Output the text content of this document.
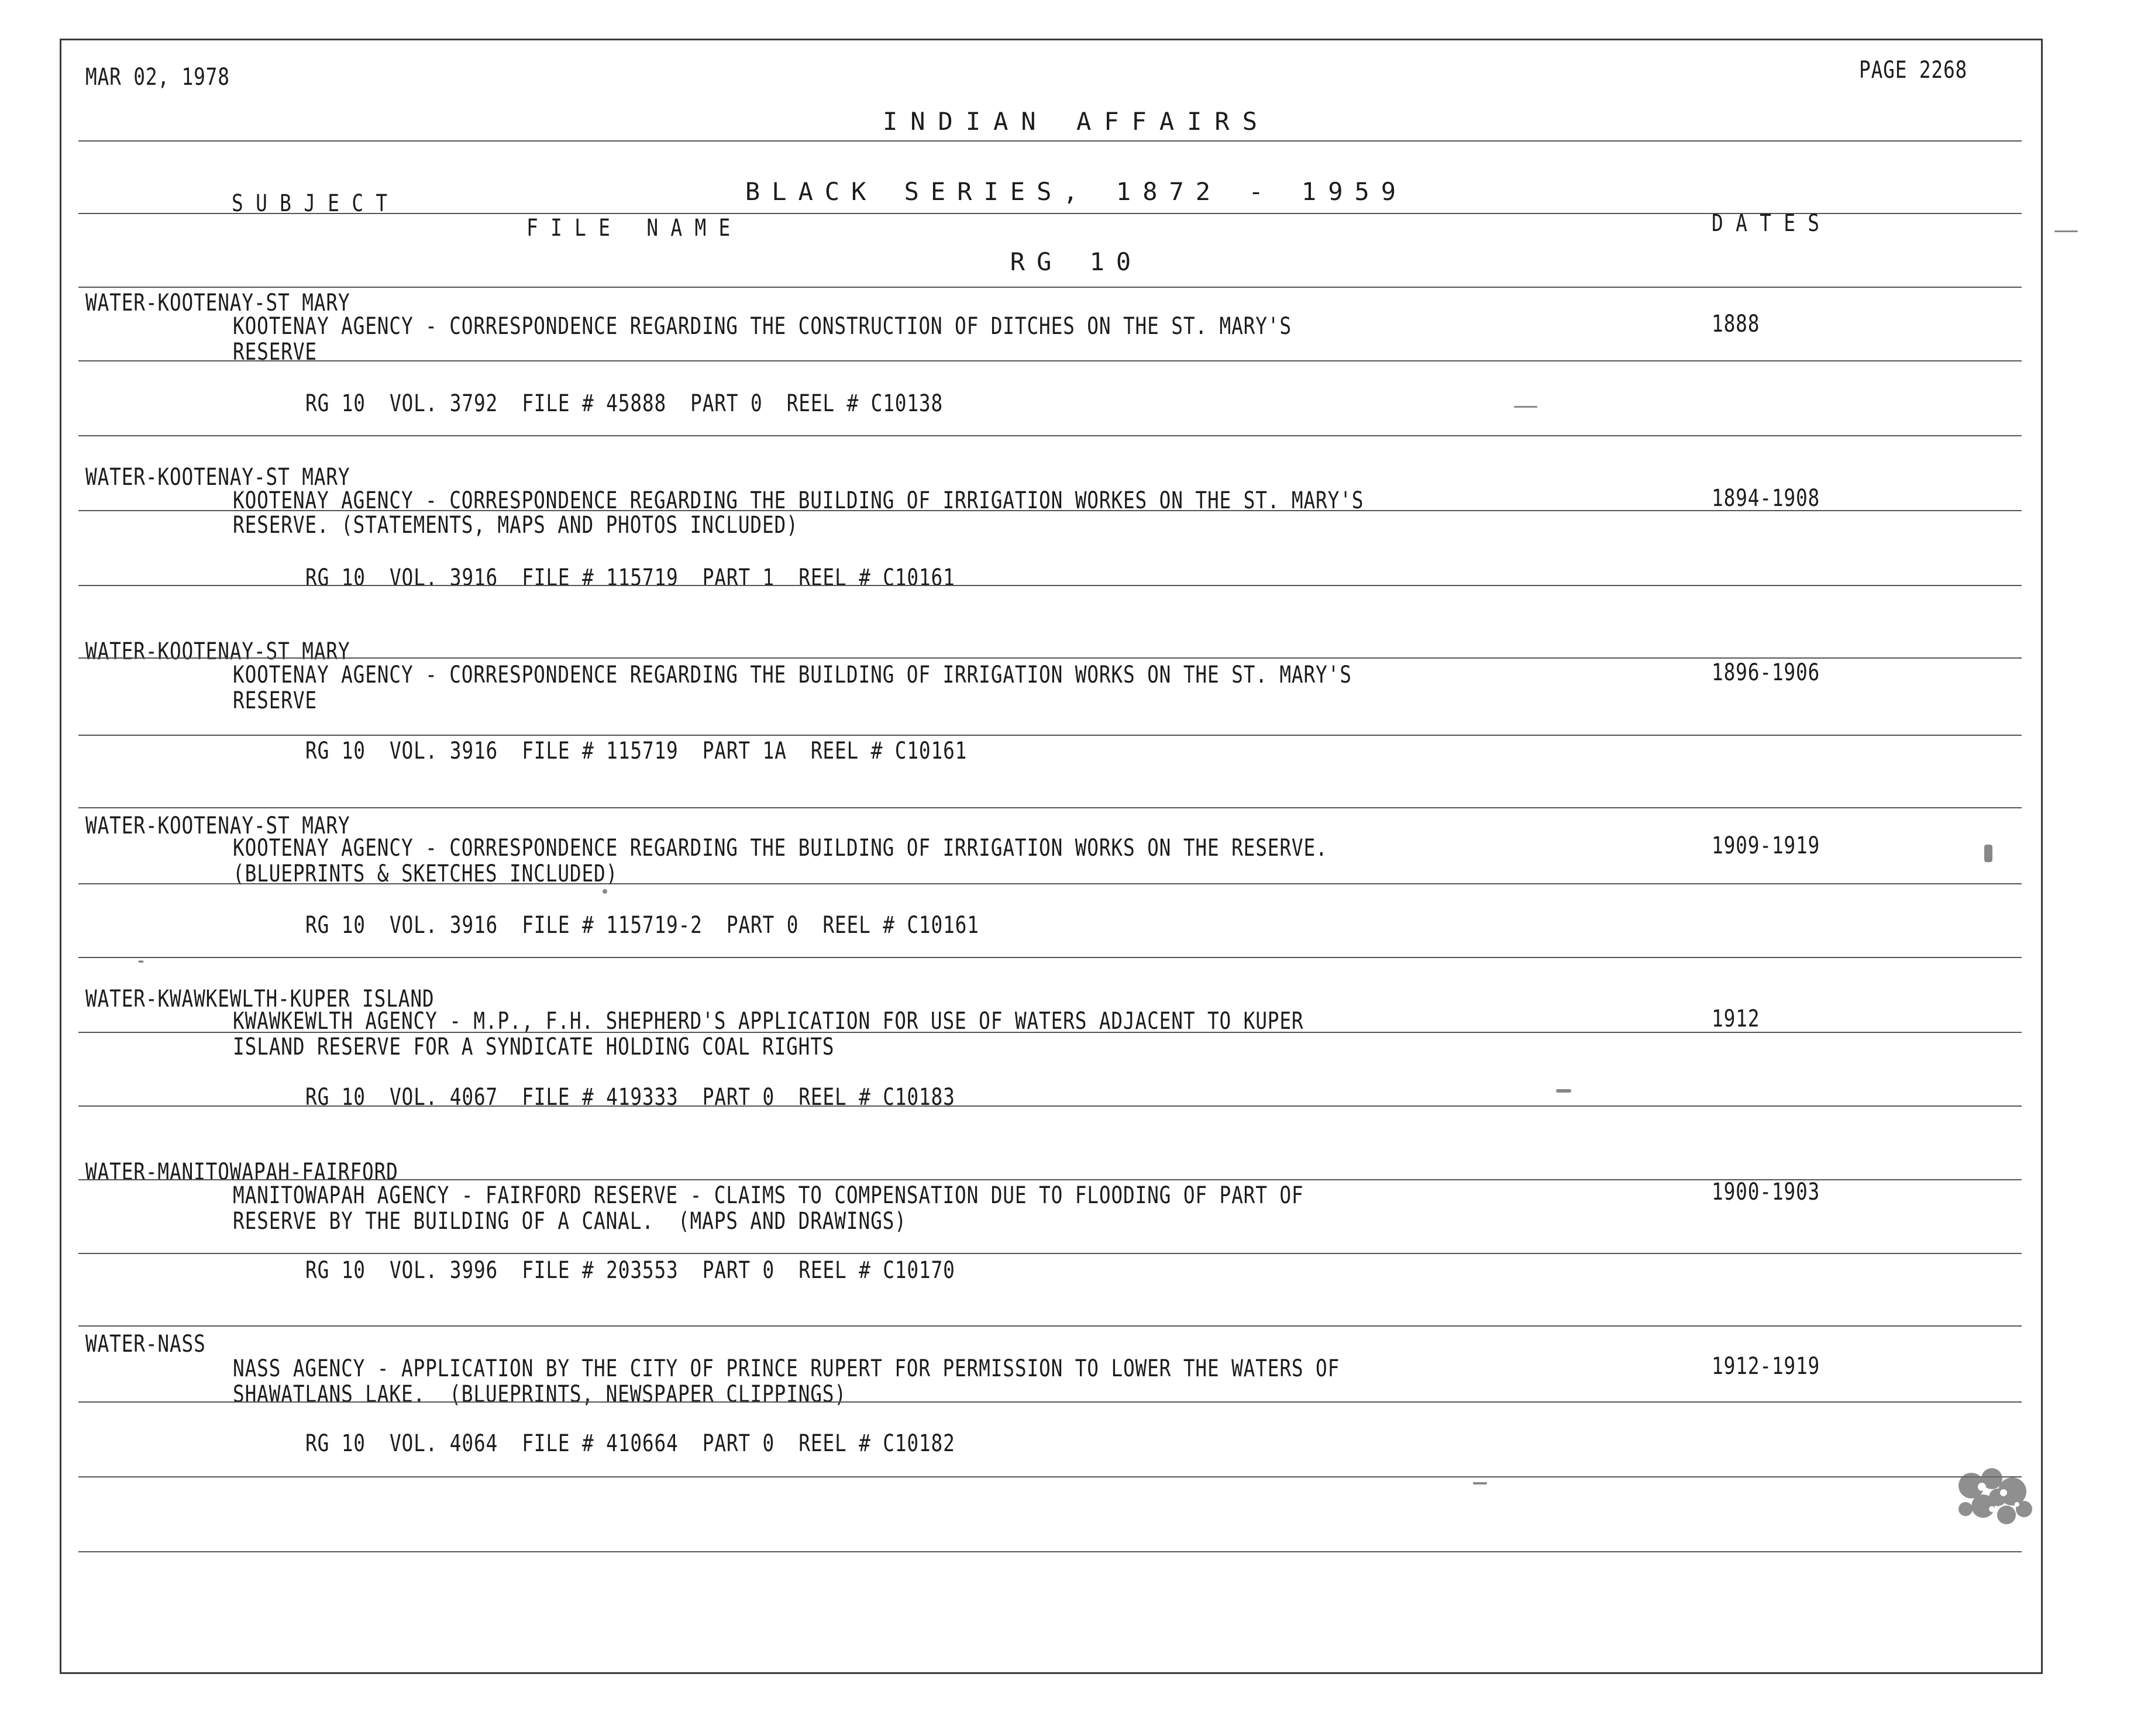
MAR 02, 1978

INDIAN AFFAIRS

BLACK SERIES, 1872 - 1959

RG 10

PAGE 2268
SUBJECT
FILE NAME	DATES
WATER-KOOTENAY-ST MARY
KOOTENAY AGENCY - CORRESPONDENCE REGARDING THE CONSTRUCTION OF DITCHES ON THE ST. MARY'S	1888
RESERVE
RG 10  VOL. 3792  FILE # 45888  PART 0  REEL # C10138
WATER-KOOTENAY-ST MARY
KOOTENAY AGENCY - CORRESPONDENCE REGARDING THE BUILDING OF IRRIGATION WORKES ON THE ST. MARY'S	1894-1908
RESERVE. (STATEMENTS, MAPS AND PHOTOS INCLUDED)
RG 10  VOL. 3916  FILE # 115719  PART 1  REEL # C10161
WATER-KOOTENAY-ST MARY
KOOTENAY AGENCY - CORRESPONDENCE REGARDING THE BUILDING OF IRRIGATION WORKS ON THE ST. MARY'S	1896-1906
RESERVE
RG 10  VOL. 3916  FILE # 115719  PART 1A  REEL # C10161
WATER-KOOTENAY-ST MARY
KOOTENAY AGENCY - CORRESPONDENCE REGARDING THE BUILDING OF IRRIGATION WORKS ON THE RESERVE.	1909-1919
(BLUEPRINTS & SKETCHES INCLUDED)
RG 10  VOL. 3916  FILE # 115719-2  PART 0  REEL # C10161
WATER-KWAWKEWLTH-KUPER ISLAND
KWAWKEWLTH AGENCY - M.P., F.H. SHEPHERD'S APPLICATION FOR USE OF WATERS ADJACENT TO KUPER	1912
ISLAND RESERVE FOR A SYNDICATE HOLDING COAL RIGHTS
RG 10  VOL. 4067  FILE # 419333  PART 0  REEL # C10183
WATER-MANITOWAPAH-FAIRFORD
MANITOWAPAH AGENCY - FAIRFORD RESERVE - CLAIMS TO COMPENSATION DUE TO FLOODING OF PART OF	1900-1903
RESERVE BY THE BUILDING OF A CANAL.  (MAPS AND DRAWINGS)
RG 10  VOL. 3996  FILE # 203553  PART 0  REEL # C10170
WATER-NASS
NASS AGENCY - APPLICATION BY THE CITY OF PRINCE RUPERT FOR PERMISSION TO LOWER THE WATERS OF	1912-1919
SHAWATLANS LAKE.  (BLUEPRINTS, NEWSPAPER CLIPPINGS)
RG 10  VOL. 4064  FILE # 410664  PART 0  REEL # C10182
